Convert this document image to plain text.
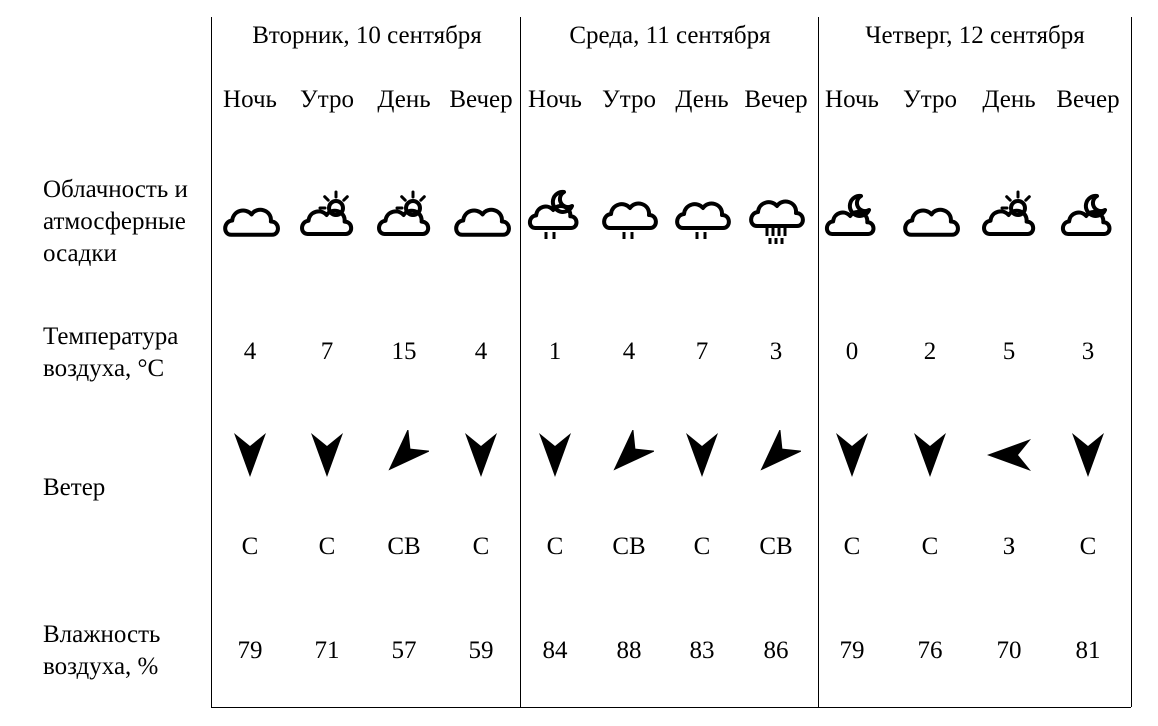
Облачность и
атмосферные
осадки
Температура
воздуха, °С
Ветер
Влажность
воздуха, %
Вторник, 10 сентября
Ночь
4
С
79
Утро
7
С
71
День
15
СВ
57
Вечер
4
С
59
Среда, 11 сентября
Ночь
1
С
84
Утро
4
СВ
88
День
7
С
83
Вечер
3
СВ
86
Четверг, 12 сентября
Ночь
0
С
79
Утро
2
С
76
День
5
З
70
Вечер
3
С
81
